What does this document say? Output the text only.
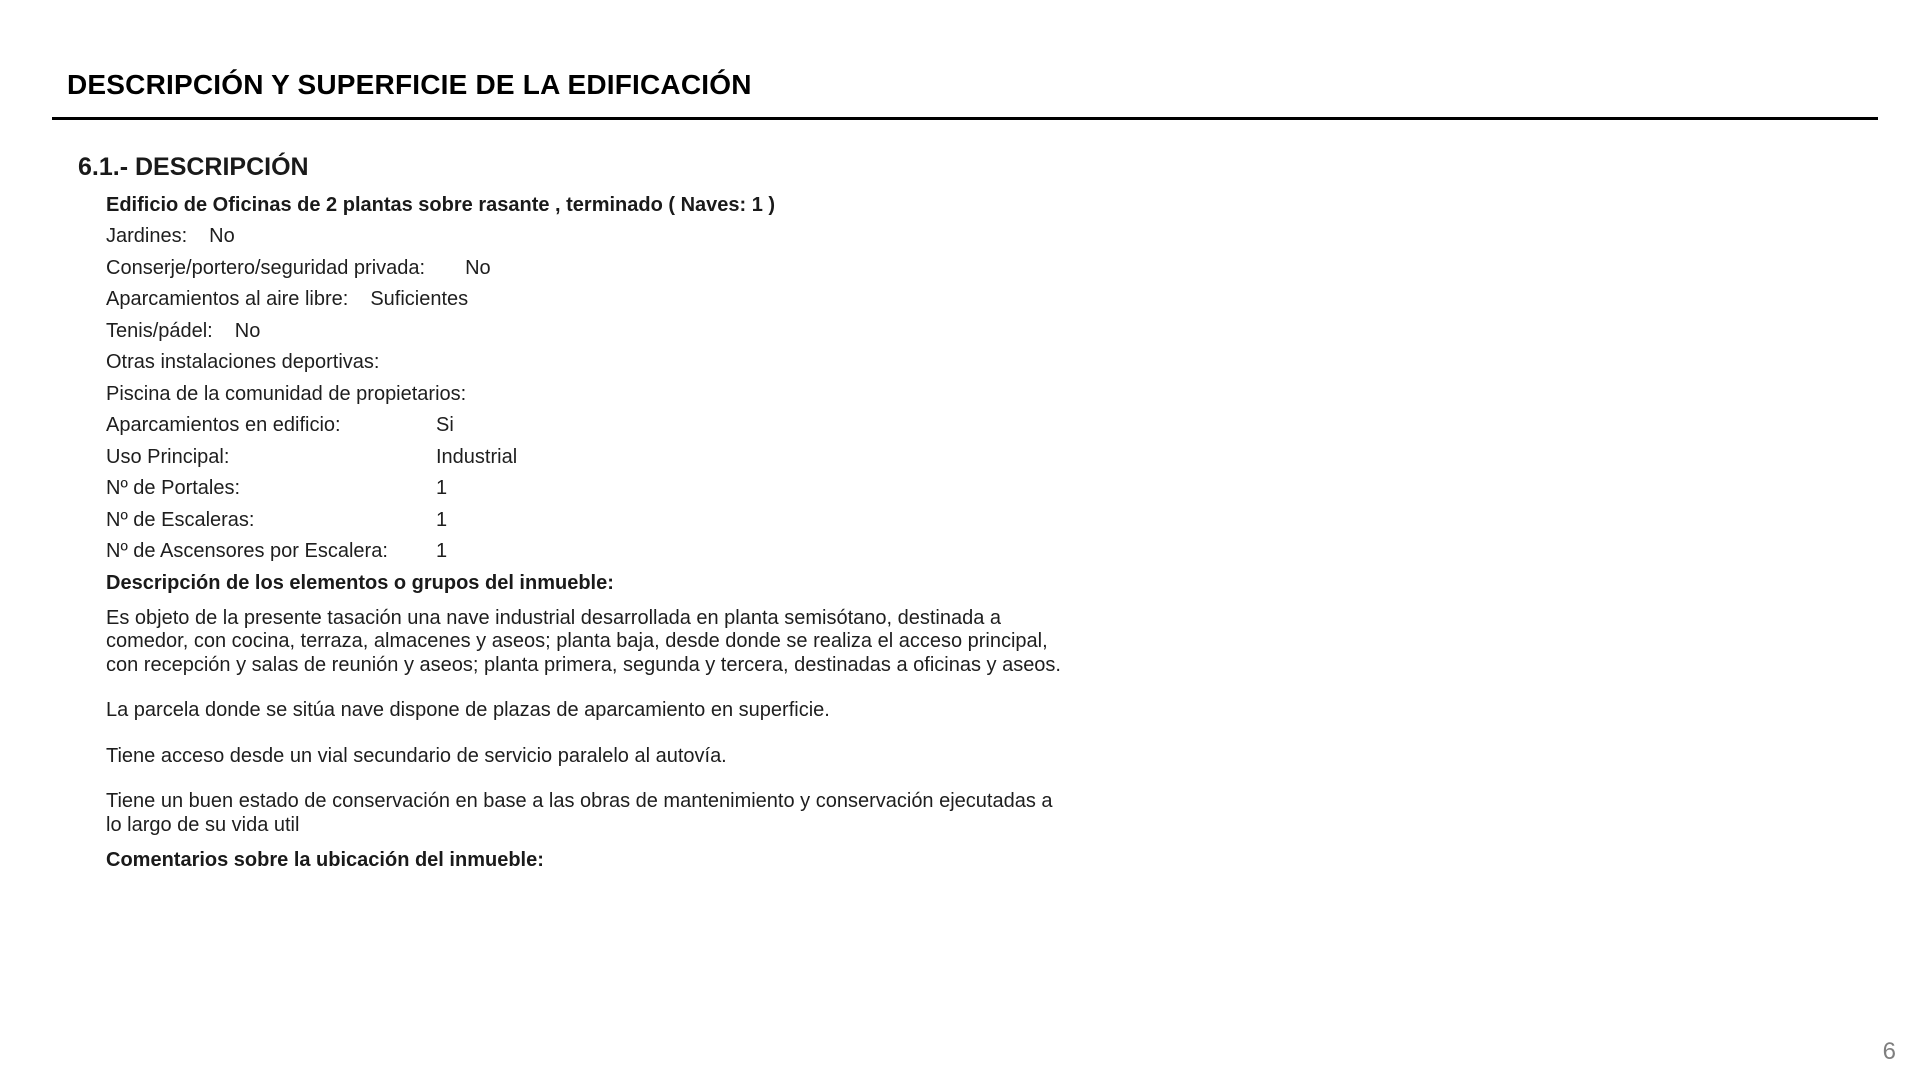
DESCRIPCIÓN Y SUPERFICIE DE LA EDIFICACIÓN
6.1.- DESCRIPCIÓN
Edificio de Oficinas de 2 plantas sobre rasante , terminado ( Naves: 1 )
Jardines: No
Conserje/portero/seguridad privada: No
Aparcamientos al aire libre: Suficientes
Tenis/pádel: No
Otras instalaciones deportivas:
Piscina de la comunidad de propietarios:
Aparcamientos en edificio:	Si
Uso Principal:	Industrial
Nº de Portales:	1
Nº de Escaleras:	1
Nº de Ascensores por Escalera: 1
Descripción de los elementos o grupos del inmueble:

Es objeto de la presente tasación una nave industrial desarrollada en planta semisótano, destinada a
comedor, con cocina, terraza, almacenes y aseos; planta baja, desde donde se realiza el acceso principal,
con recepción y salas de reunión y aseos; planta primera, segunda y tercera, destinadas a oficinas y aseos.

La parcela donde se sitúa nave dispone de plazas de aparcamiento en superficie.

Tiene acceso desde un vial secundario de servicio paralelo al autovía.

Tiene un buen estado de conservación en base a las obras de mantenimiento y conservación ejecutadas a
lo largo de su vida util

Comentarios sobre la ubicación del inmueble:
6
